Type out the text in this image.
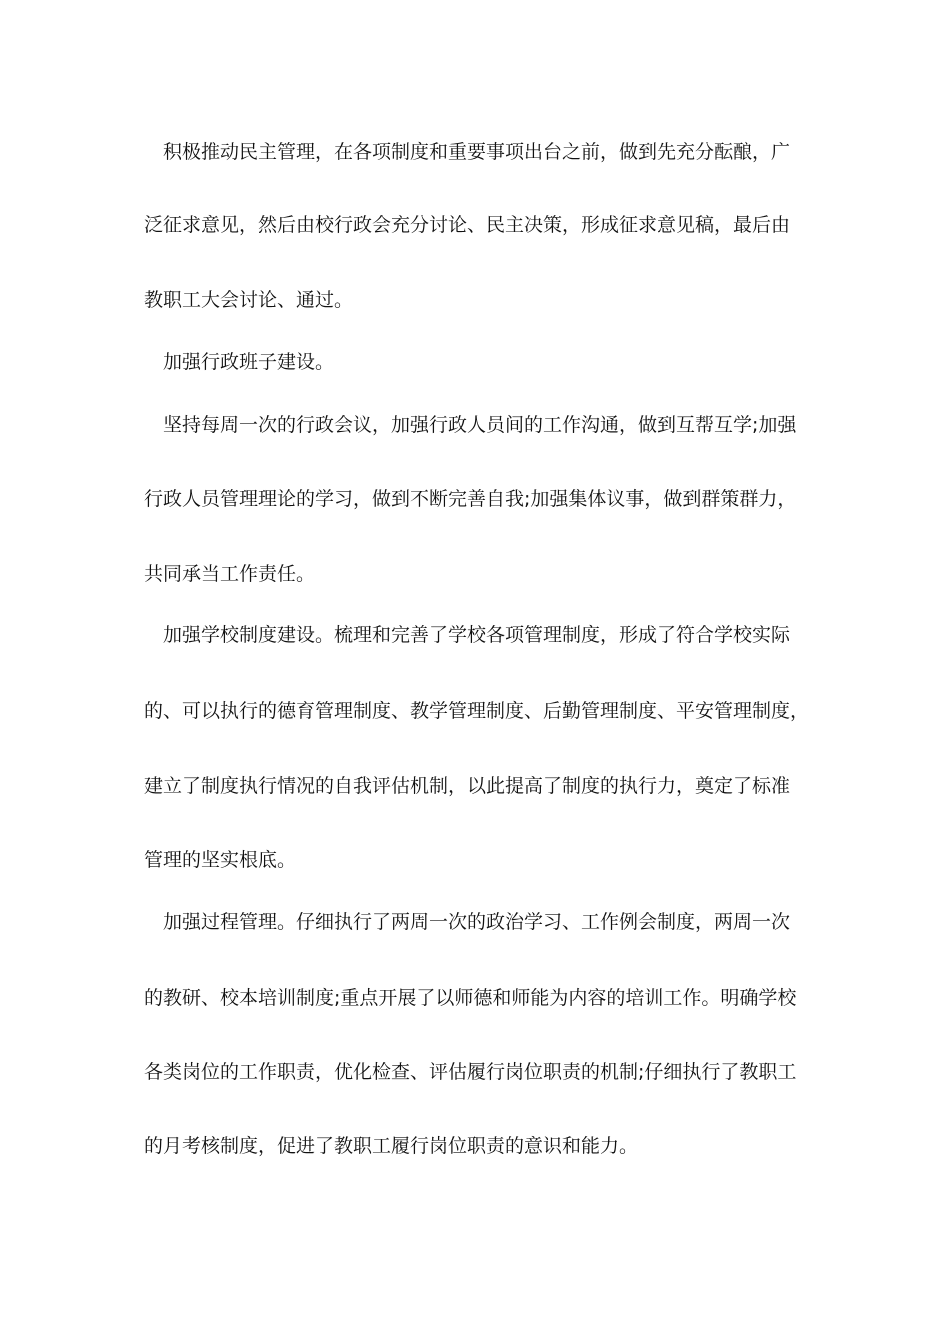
积极推动民主管理，在各项制度和重要事项出台之前，做到先充分酝酿，广
泛征求意见，然后由校行政会充分讨论、民主决策，形成征求意见稿，最后由
教职工大会讨论、通过。
加强行政班子建设。
坚持每周一次的行政会议，加强行政人员间的工作沟通，做到互帮互学;加强
行政人员管理理论的学习，做到不断完善自我;加强集体议事，做到群策群力，
共同承当工作责任。
加强学校制度建设。梳理和完善了学校各项管理制度，形成了符合学校实际
的、可以执行的德育管理制度、教学管理制度、后勤管理制度、平安管理制度，
建立了制度执行情况的自我评估机制，以此提高了制度的执行力，奠定了标准
管理的坚实根底。
加强过程管理。仔细执行了两周一次的政治学习、工作例会制度，两周一次
的教研、校本培训制度;重点开展了以师德和师能为内容的培训工作。明确学校
各类岗位的工作职责，优化检查、评估履行岗位职责的机制;仔细执行了教职工
的月考核制度，促进了教职工履行岗位职责的意识和能力。
